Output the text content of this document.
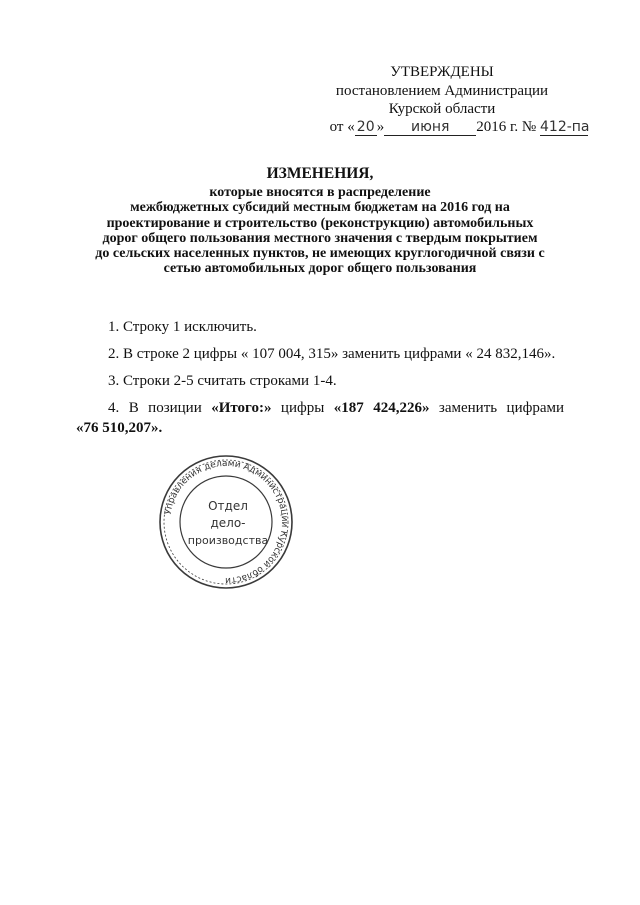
УТВЕРЖДЕНЫ
постановлением Администрации
Курской области
от « 20 » июня 2016 г. № 412-па
ИЗМЕНЕНИЯ,
которые вносятся в распределение
межбюджетных субсидий местным бюджетам на 2016 год на
проектирование и строительство (реконструкцию) автомобильных
дорог общего пользования местного значения с твердым покрытием
до сельских населенных пунктов, не имеющих круглогодичной связи с
сетью автомобильных дорог общего пользования
1. Строку 1 исключить.
2. В строке 2 цифры « 107 004, 315» заменить цифрами « 24 832,146».
3. Строки 2-5 считать строками 1-4.
4. В позиции «Итого:» цифры «187 424,226» заменить цифрами
«76 510,207».
Управления делами Администрации Курской области
Отдел
дело-
производства
